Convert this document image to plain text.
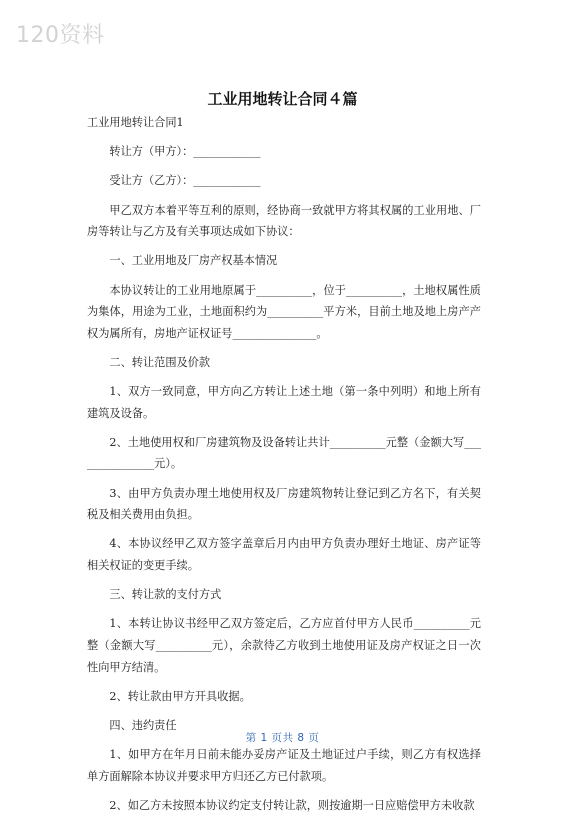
120资料
工业用地转让合同４篇

工业用地转让合同1

转让方（甲方）：____________

受让方（乙方）：____________

甲乙双方本着平等互利的原则，经协商一致就甲方将其权属的工业用地、厂房等转让与乙方及有关事项达成如下协议：

一、工业用地及厂房产权基本情况

本协议转让的工业用地原属于__________，位于__________，土地权属性质为集体，用途为工业，土地面积约为__________平方米，目前土地及地上房产产权为属所有，房地产证权证号_______________。

二、转让范围及价款

1、双方一致同意，甲方向乙方转让上述土地（第一条中列明）和地上所有建筑及设备。

2、土地使用权和厂房建筑物及设备转让共计__________元整（金额大写_______________元）。

3、由甲方负责办理土地使用权及厂房建筑物转让登记到乙方名下，有关契税及相关费用由负担。

4、本协议经甲乙双方签字盖章后月内由甲方负责办理好土地证、房产证等相关权证的变更手续。

三、转让款的支付方式

1、本转让协议书经甲乙双方签定后，乙方应首付甲方人民币__________元整（金额大写__________元），余款待乙方收到土地使用证及房产权证之日一次性向甲方结清。

2、转让款由甲方开具收据。

四、违约责任

1、如甲方在年月日前未能办妥房产证及土地证过户手续，则乙方有权选择单方面解除本协议并要求甲方归还乙方已付款项。

2、如乙方未按照本协议约定支付转让款，则按逾期一日应赔偿甲方未收款

第 1 页共 8 页
